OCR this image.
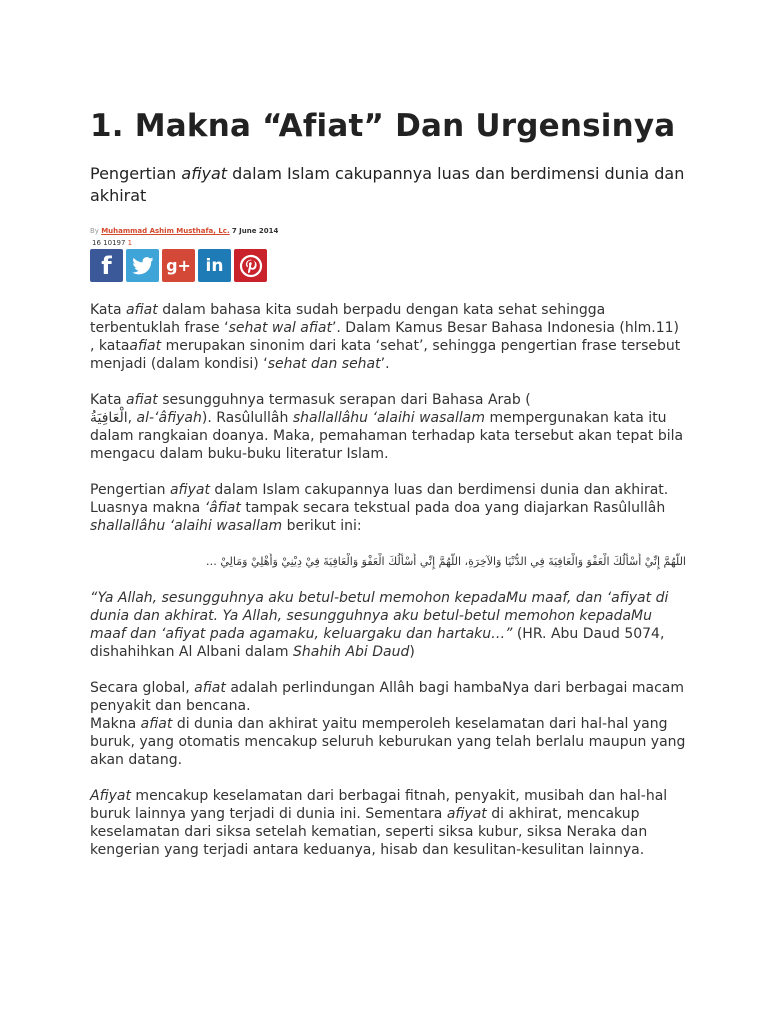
1. Makna “Afiat” Dan Urgensinya
Pengertian afiyat dalam Islam cakupannya luas dan berdimensi dunia dan akhirat
By Muhammad Ashim Musthafa, Lc. 7 June 2014
16 10197 1
f	g+ in

Kata afiat dalam bahasa kita sudah berpadu dengan kata sehat sehingga terbentuklah frase ‘sehat wal afiat’. Dalam Kamus Besar Bahasa Indonesia (hlm.11) , kataafiat merupakan sinonim dari kata ‘sehat’, sehingga pengertian frase tersebut menjadi (dalam kondisi) ‘sehat dan sehat’.

Kata afiat sesungguhnya termasuk serapan dari Bahasa Arab (
الْعَافِيَةُ, al-‘âfiyah). Rasûlullâh shallallâhu ‘alaihi wasallam mempergunakan kata itu dalam rangkaian doanya. Maka, pemahaman terhadap kata tersebut akan tepat bila mengacu dalam buku-buku literatur Islam.

Pengertian afiyat dalam Islam cakupannya luas dan berdimensi dunia dan akhirat. Luasnya makna ‘âfiat tampak secara tekstual pada doa yang diajarkan Rasûlullâh shallallâhu ‘alaihi wasallam berikut ini:

اللَّهُمَّ إِنِّيْ أَسْأَلُكَ الْعَفْوَ وَالْعَافِيَةَ فِي الدُّنْيَا وَالآخِرَةِ، اللَّهُمَّ إِنِّي أَسْأَلُكَ الْعَفْوَ وَالْعَافِيَةَ فِيْ دِيْنِيْ وَأَهْلِيْ وَمَالِيْ …

“Ya Allah, sesungguhnya aku betul-betul memohon kepadaMu maaf, dan ‘afiyat di dunia dan akhirat. Ya Allah, sesungguhnya aku betul-betul memohon kepadaMu maaf dan ‘afiyat pada agamaku, keluargaku dan hartaku…” (HR. Abu Daud 5074, dishahihkan Al Albani dalam Shahih Abi Daud)

Secara global, afiat adalah perlindungan Allâh bagi hambaNya dari berbagai macam penyakit dan bencana.

Makna afiat di dunia dan akhirat yaitu memperoleh keselamatan dari hal-hal yang buruk, yang otomatis mencakup seluruh keburukan yang telah berlalu maupun yang akan datang.

Afiyat mencakup keselamatan dari berbagai fitnah, penyakit, musibah dan hal-hal buruk lainnya yang terjadi di dunia ini. Sementara afiyat di akhirat, mencakup keselamatan dari siksa setelah kematian, seperti siksa kubur, siksa Neraka dan kengerian yang terjadi antara keduanya, hisab dan kesulitan-kesulitan lainnya.
